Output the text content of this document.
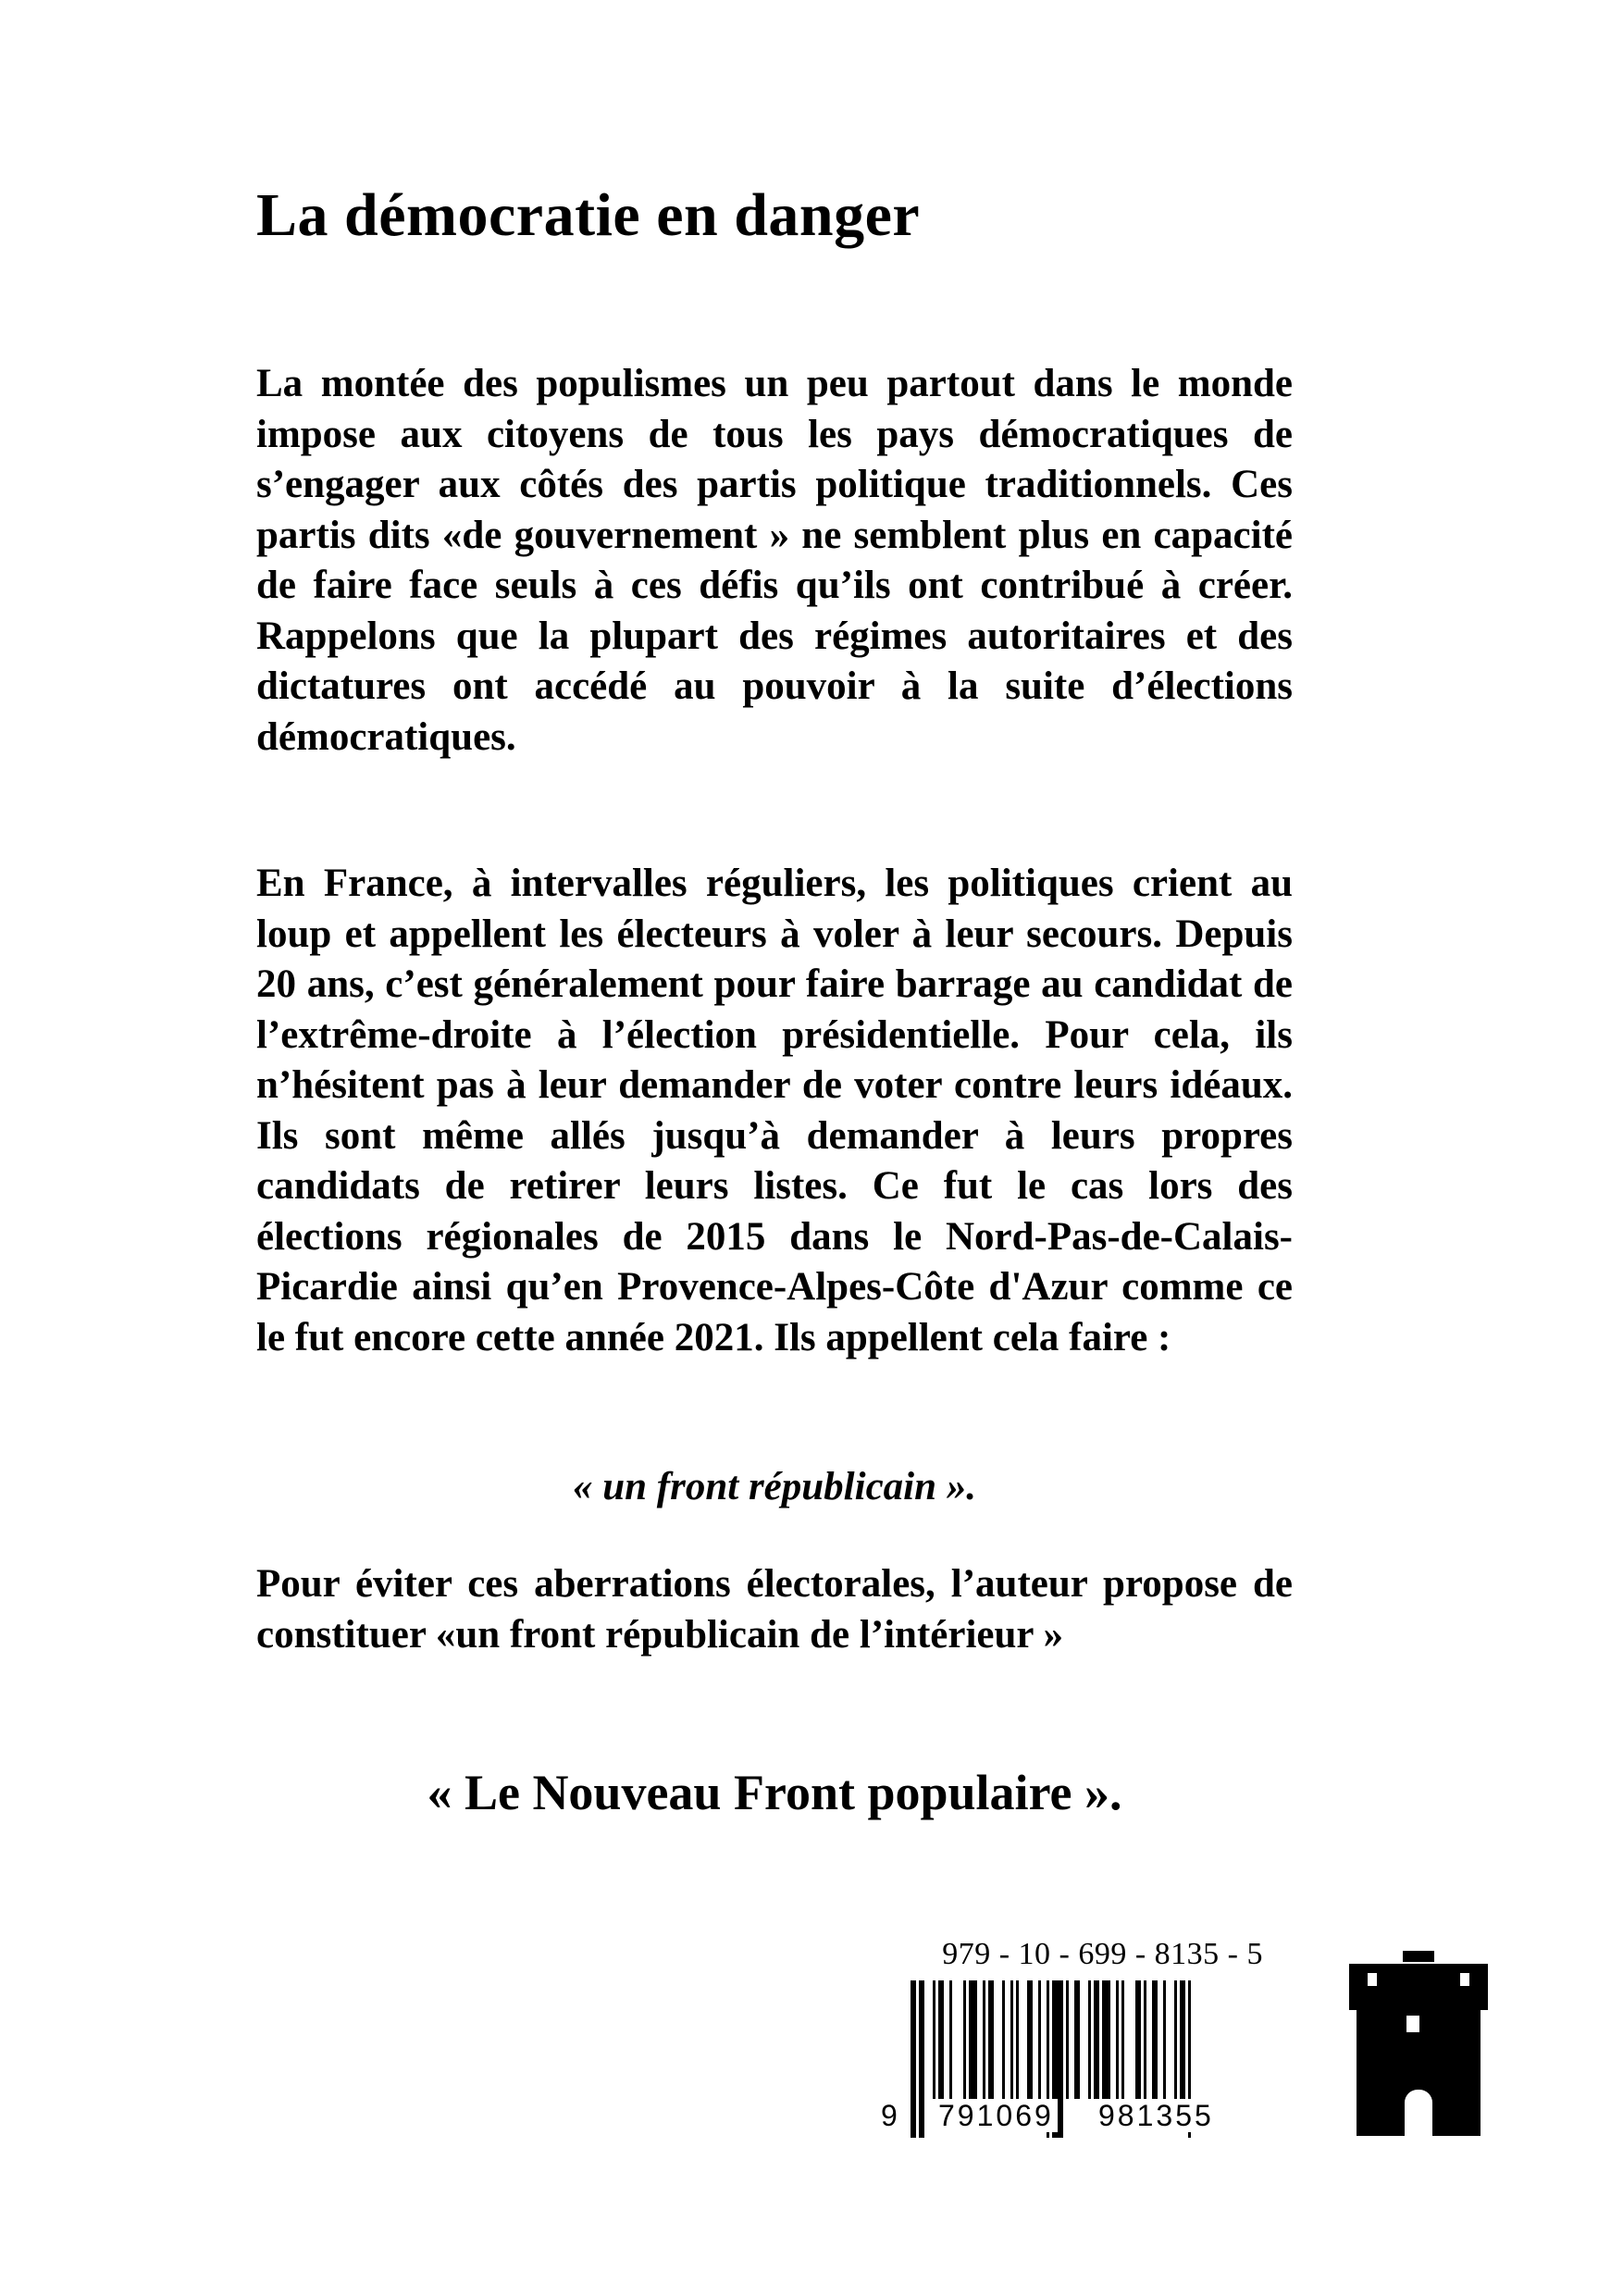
La démocratie en danger

La montée des populismes un peu partout dans le monde impose aux citoyens de tous les pays démocratiques de s’engager aux côtés des partis politique traditionnels. Ces partis dits «de gouvernement » ne semblent plus en capacité de faire face seuls à ces défis qu’ils ont contribué à créer. Rappelons que la plupart des régimes autoritaires et des dictatures ont accédé au pouvoir à la suite d’élections démocratiques.

En France, à intervalles réguliers, les politiques crient au loup et appellent les électeurs à voler à leur secours. Depuis 20 ans, c’est généralement pour faire barrage au candidat de l’extrême-droite à l’élection présidentielle. Pour cela, ils n’hésitent pas à leur demander de voter contre leurs idéaux. Ils sont même allés jusqu’à demander à leurs propres candidats de retirer leurs listes. Ce fut le cas lors des élections régionales de 2015 dans le Nord-Pas-de-Calais-Picardie ainsi qu’en Provence-Alpes-Côte d'Azur comme ce le fut encore cette année 2021. Ils appellent cela faire :

« un front républicain ».

Pour éviter ces aberrations électorales, l’auteur propose de constituer «un front républicain de l’intérieur »

« Le Nouveau Front populaire ».

979 - 10 - 699 - 8135 - 5
9 791069 981355
